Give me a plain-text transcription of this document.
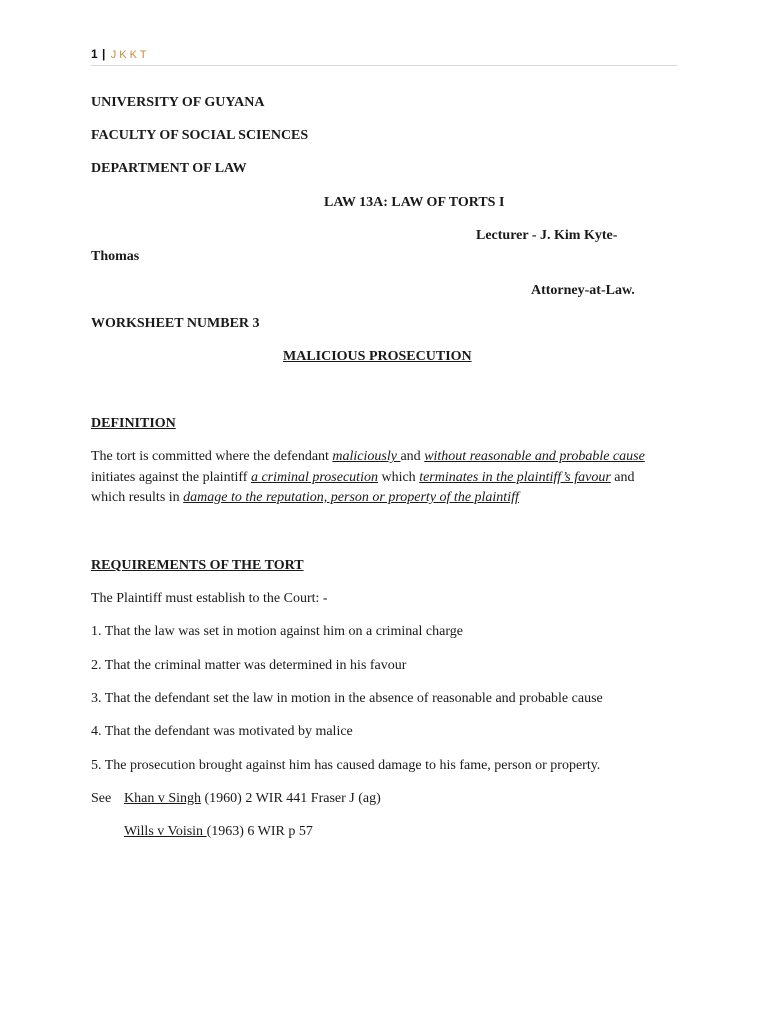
1 | JKKT
UNIVERSITY OF GUYANA
FACULTY OF SOCIAL SCIENCES
DEPARTMENT OF LAW
LAW 13A: LAW OF TORTS I
Lecturer - J. Kim Kyte-
Thomas
Attorney-at-Law.
WORKSHEET NUMBER 3
MALICIOUS PROSECUTION
DEFINITION
The tort is committed where the defendant maliciously and without reasonable and probable cause initiates against the plaintiff a criminal prosecution which terminates in the plaintiff’s favour and which results in damage to the reputation, person or property of the plaintiff
REQUIREMENTS OF THE TORT
The Plaintiff must establish to the Court: -
1. That the law was set in motion against him on a criminal charge
2. That the criminal matter was determined in his favour
3. That the defendant set the law in motion in the absence of reasonable and probable cause
4. That the defendant was motivated by malice
5. The prosecution brought against him has caused damage to his fame, person or property.
See Khan v Singh (1960) 2 WIR 441 Fraser J (ag)
Wills v Voisin (1963) 6 WIR p 57
